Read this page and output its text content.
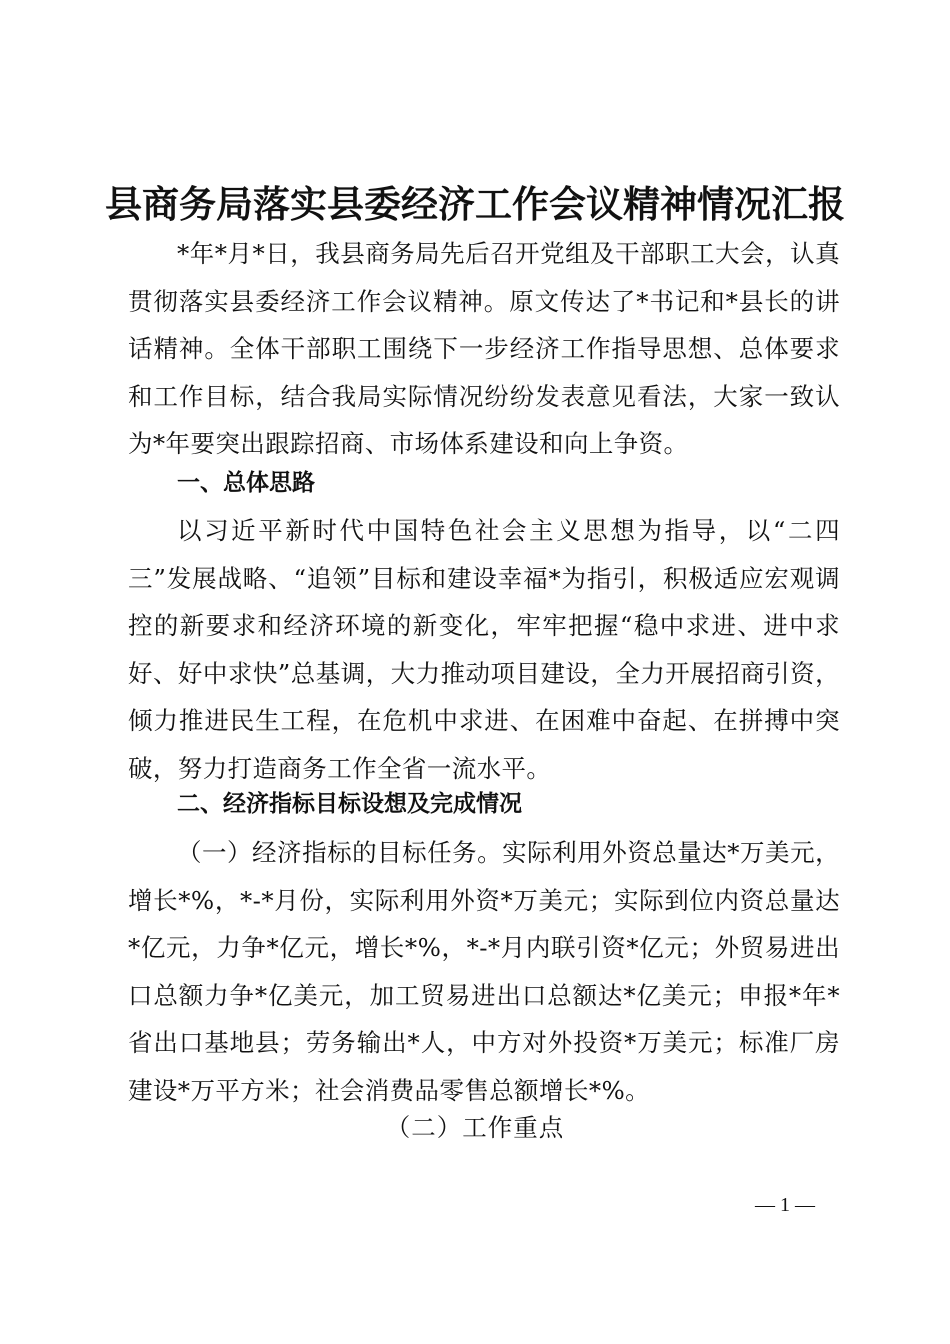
县商务局落实县委经济工作会议精神情况汇报
*年*月*日，我县商务局先后召开党组及干部职工大会，认真贯彻落实县委经济工作会议精神。原文传达了*书记和*县长的讲话精神。全体干部职工围绕下一步经济工作指导思想、总体要求和工作目标，结合我局实际情况纷纷发表意见看法，大家一致认为*年要突出跟踪招商、市场体系建设和向上争资。
一、总体思路
以习近平新时代中国特色社会主义思想为指导，以“二四三”发展战略、“追领”目标和建设幸福*为指引，积极适应宏观调控的新要求和经济环境的新变化，牢牢把握“稳中求进、进中求好、好中求快”总基调，大力推动项目建设，全力开展招商引资，倾力推进民生工程，在危机中求进、在困难中奋起、在拼搏中突破，努力打造商务工作全省一流水平。
二、经济指标目标设想及完成情况
（一）经济指标的目标任务。实际利用外资总量达*万美元，增长*%，*-*月份，实际利用外资*万美元；实际到位内资总量达*亿元，力争*亿元，增长*%，*-*月内联引资*亿元；外贸易进出口总额力争*亿美元，加工贸易进出口总额达*亿美元；申报*年*省出口基地县；劳务输出*人，中方对外投资*万美元；标准厂房建设*万平方米；社会消费品零售总额增长*%。
（二）工作重点
— 1 —
